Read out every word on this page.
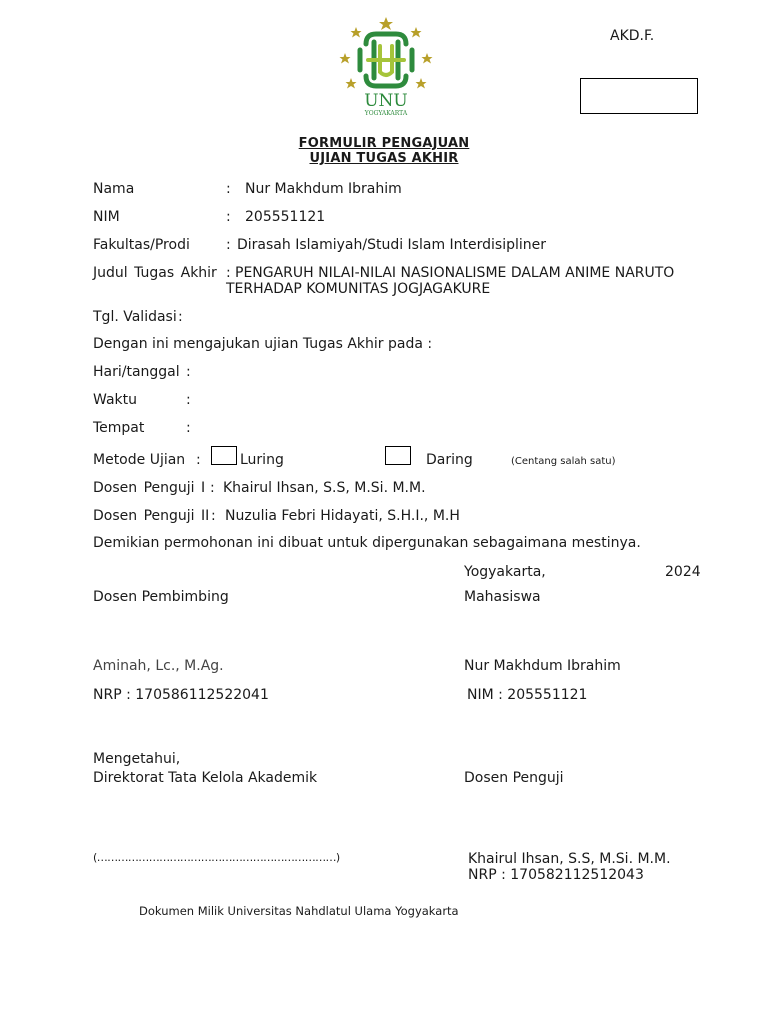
UNU
YOGYAKARTA
AKD.F.
FORMULIR PENGAJUAN
UJIAN TUGAS AKHIR
Nama	: Nur Makhdum Ibrahim
NIM	: 205551121
Fakultas/Prodi	: Dirasah Islamiyah/Studi Islam Interdisipliner
Judul Tugas Akhir : PENGARUH NILAI-NILAI NASIONALISME DALAM ANIME NARUTO
TERHADAP KOMUNITAS JOGJAGAKURE
Tgl. Validasi :
Dengan ini mengajukan ujian Tugas Akhir pada :
Hari/tanggal :
Waktu	:
Tempat	:
Metode Ujian :	Luring	Daring	(Centang salah satu)
Dosen Penguji I : Khairul Ihsan, S.S, M.Si. M.M.
Dosen Penguji II : Nuzulia Febri Hidayati, S.H.I., M.H
Demikian permohonan ini dibuat untuk dipergunakan sebagaimana mestinya.
Yogyakarta,	2024
Dosen Pembimbing	Mahasiswa
Aminah, Lc., M.Ag.	Nur Makhdum Ibrahim
NRP : 170586112522041	NIM : 205551121
Mengetahui,
Direktorat Tata Kelola Akademik	Dosen Penguji
(……………………………………………………………)	Khairul Ihsan, S.S, M.Si. M.M.
NRP : 170582112512043
Dokumen Milik Universitas Nahdlatul Ulama Yogyakarta
